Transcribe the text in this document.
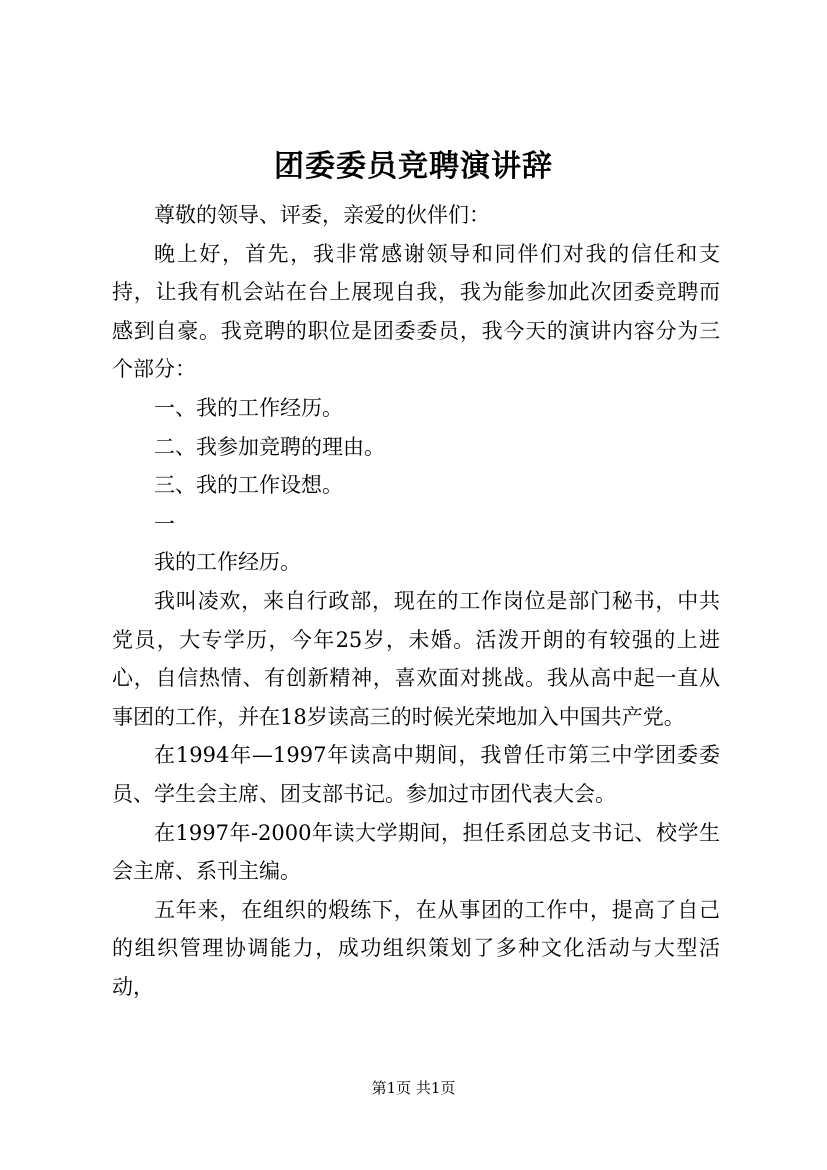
团委委员竞聘演讲辞

尊敬的领导、评委，亲爱的伙伴们：

晚上好，首先，我非常感谢领导和同伴们对我的信任和支持，让我有机会站在台上展现自我，我为能参加此次团委竞聘而感到自豪。我竞聘的职位是团委委员，我今天的演讲内容分为三个部分：

一、我的工作经历。

二、我参加竞聘的理由。

三、我的工作设想。

一

我的工作经历。

我叫凌欢，来自行政部，现在的工作岗位是部门秘书，中共党员，大专学历，今年25岁，未婚。活泼开朗的有较强的上进心，自信热情、有创新精神，喜欢面对挑战。我从高中起一直从事团的工作，并在18岁读高三的时候光荣地加入中国共产党。

在1994年—1997年读高中期间，我曾任市第三中学团委委员、学生会主席、团支部书记。参加过市团代表大会。

在1997年-2000年读大学期间，担任系团总支书记、校学生会主席、系刊主编。

五年来，在组织的煅练下，在从事团的工作中，提高了自己的组织管理协调能力，成功组织策划了多种文化活动与大型活动，

第1页 共1页
